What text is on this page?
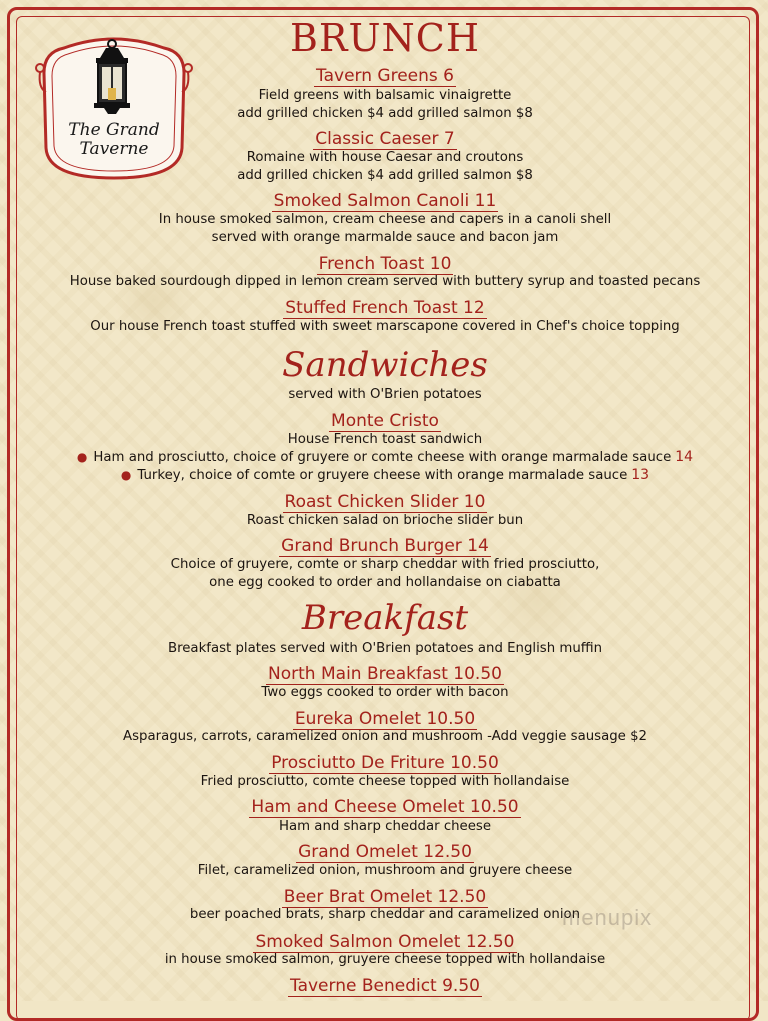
The Grand
Taverne
BRUNCH
Tavern Greens 6
Field greens with balsamic vinaigrette
add grilled chicken $4 add grilled salmon $8
Classic Caeser 7
Romaine with house Caesar and croutons
add grilled chicken $4 add grilled salmon $8
Smoked Salmon Canoli 11
In house smoked salmon, cream cheese and capers in a canoli shell
served with orange marmalde sauce and bacon jam
French Toast 10
House baked sourdough dipped in lemon cream served with buttery syrup and toasted pecans
Stuffed French Toast 12
Our house French toast stuffed with sweet marscapone covered in Chef's choice topping
Sandwiches
served with O'Brien potatoes
Monte Cristo
House French toast sandwich
● Ham and prosciutto, choice of gruyere or comte cheese with orange marmalade sauce 14
● Turkey, choice of comte or gruyere cheese with orange marmalade sauce 13
Roast Chicken Slider 10
Roast chicken salad on brioche slider bun
Grand Brunch Burger 14
Choice of gruyere, comte or sharp cheddar with fried prosciutto,
one egg cooked to order and hollandaise on ciabatta
Breakfast
Breakfast plates served with O'Brien potatoes and English muffin
North Main Breakfast 10.50
Two eggs cooked to order with bacon
Eureka Omelet 10.50
Asparagus, carrots, caramelized onion and mushroom -Add veggie sausage $2
Prosciutto De Friture 10.50
Fried prosciutto, comte cheese topped with hollandaise
Ham and Cheese Omelet 10.50
Ham and sharp cheddar cheese
Grand Omelet 12.50
Filet, caramelized onion, mushroom and gruyere cheese
Beer Brat Omelet 12.50
beer poached brats, sharp cheddar and caramelized onion
Smoked Salmon Omelet 12.50
in house smoked salmon, gruyere cheese topped with hollandaise
Taverne Benedict 9.50
menupix
